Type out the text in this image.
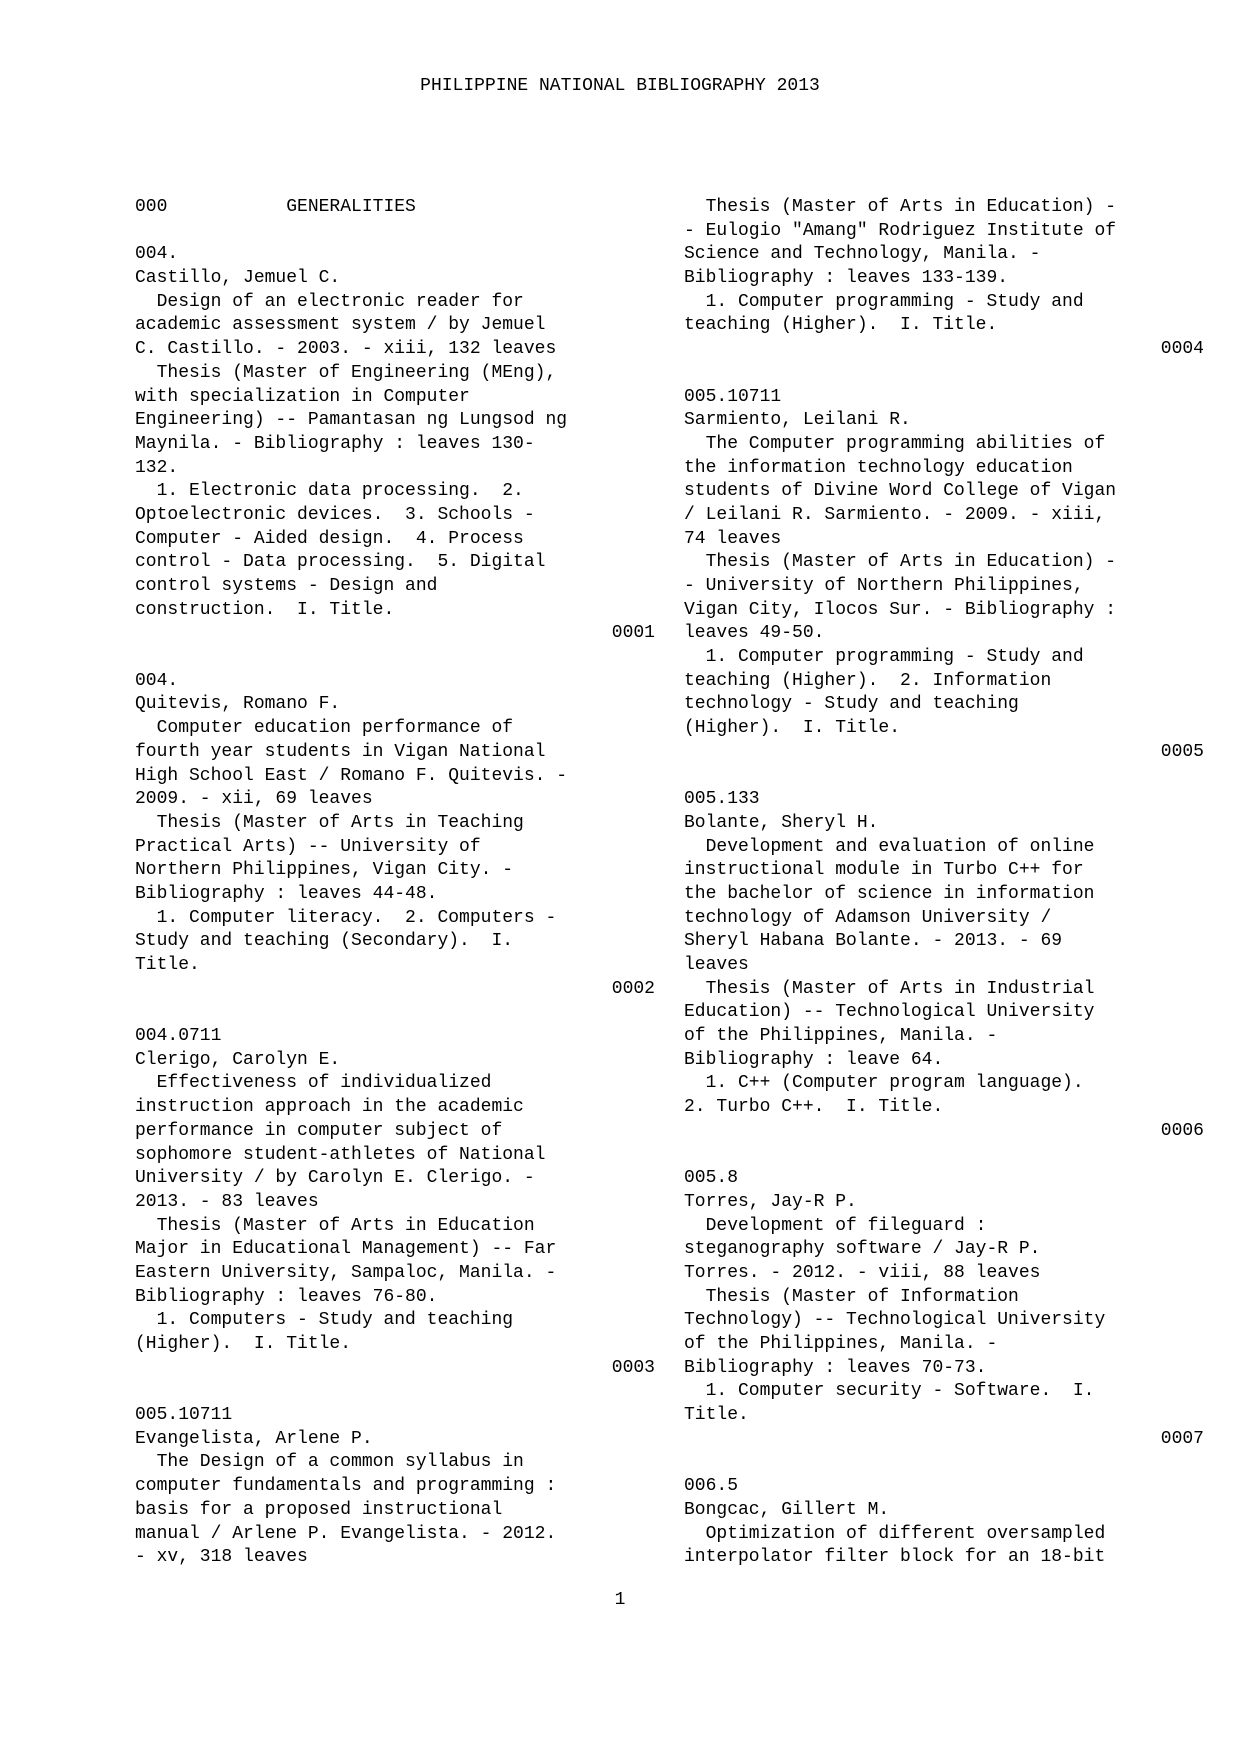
PHILIPPINE NATIONAL BIBLIOGRAPHY 2013
000           GENERALITIES
004.
Castillo, Jemuel C.
Design of an electronic reader for
academic assessment system / by Jemuel
C. Castillo. - 2003. - xiii, 132 leaves
Thesis (Master of Engineering (MEng),
with specialization in Computer
Engineering) -- Pamantasan ng Lungsod ng
Maynila. - Bibliography : leaves 130-
132.
1. Electronic data processing.  2.
Optoelectronic devices.  3. Schools -
Computer - Aided design.  4. Process
control - Data processing.  5. Digital
control systems - Design and
construction.  I. Title.
0001
004.
Quitevis, Romano F.
Computer education performance of
fourth year students in Vigan National
High School East / Romano F. Quitevis. -
2009. - xii, 69 leaves
Thesis (Master of Arts in Teaching
Practical Arts) -- University of
Northern Philippines, Vigan City. -
Bibliography : leaves 44-48.
1. Computer literacy.  2. Computers -
Study and teaching (Secondary).  I.
Title.
0002
004.0711
Clerigo, Carolyn E.
Effectiveness of individualized
instruction approach in the academic
performance in computer subject of
sophomore student-athletes of National
University / by Carolyn E. Clerigo. -
2013. - 83 leaves
Thesis (Master of Arts in Education
Major in Educational Management) -- Far
Eastern University, Sampaloc, Manila. -
Bibliography : leaves 76-80.
1. Computers - Study and teaching
(Higher).  I. Title.
0003
005.10711
Evangelista, Arlene P.
The Design of a common syllabus in
computer fundamentals and programming :
basis for a proposed instructional
manual / Arlene P. Evangelista. - 2012.
- xv, 318 leaves
Thesis (Master of Arts in Education) -
- Eulogio "Amang" Rodriguez Institute of
Science and Technology, Manila. -
Bibliography : leaves 133-139.
1. Computer programming - Study and
teaching (Higher).  I. Title.
0004
005.10711
Sarmiento, Leilani R.
The Computer programming abilities of
the information technology education
students of Divine Word College of Vigan
/ Leilani R. Sarmiento. - 2009. - xiii,
74 leaves
Thesis (Master of Arts in Education) -
- University of Northern Philippines,
Vigan City, Ilocos Sur. - Bibliography :
leaves 49-50.
1. Computer programming - Study and
teaching (Higher).  2. Information
technology - Study and teaching
(Higher).  I. Title.
0005
005.133
Bolante, Sheryl H.
Development and evaluation of online
instructional module in Turbo C++ for
the bachelor of science in information
technology of Adamson University /
Sheryl Habana Bolante. - 2013. - 69
leaves
Thesis (Master of Arts in Industrial
Education) -- Technological University
of the Philippines, Manila. -
Bibliography : leave 64.
1. C++ (Computer program language).
2. Turbo C++.  I. Title.
0006
005.8
Torres, Jay-R P.
Development of fileguard :
steganography software / Jay-R P.
Torres. - 2012. - viii, 88 leaves
Thesis (Master of Information
Technology) -- Technological University
of the Philippines, Manila. -
Bibliography : leaves 70-73.
1. Computer security - Software.  I.
Title.
0007
006.5
Bongcac, Gillert M.
Optimization of different oversampled
interpolator filter block for an 18-bit
1
